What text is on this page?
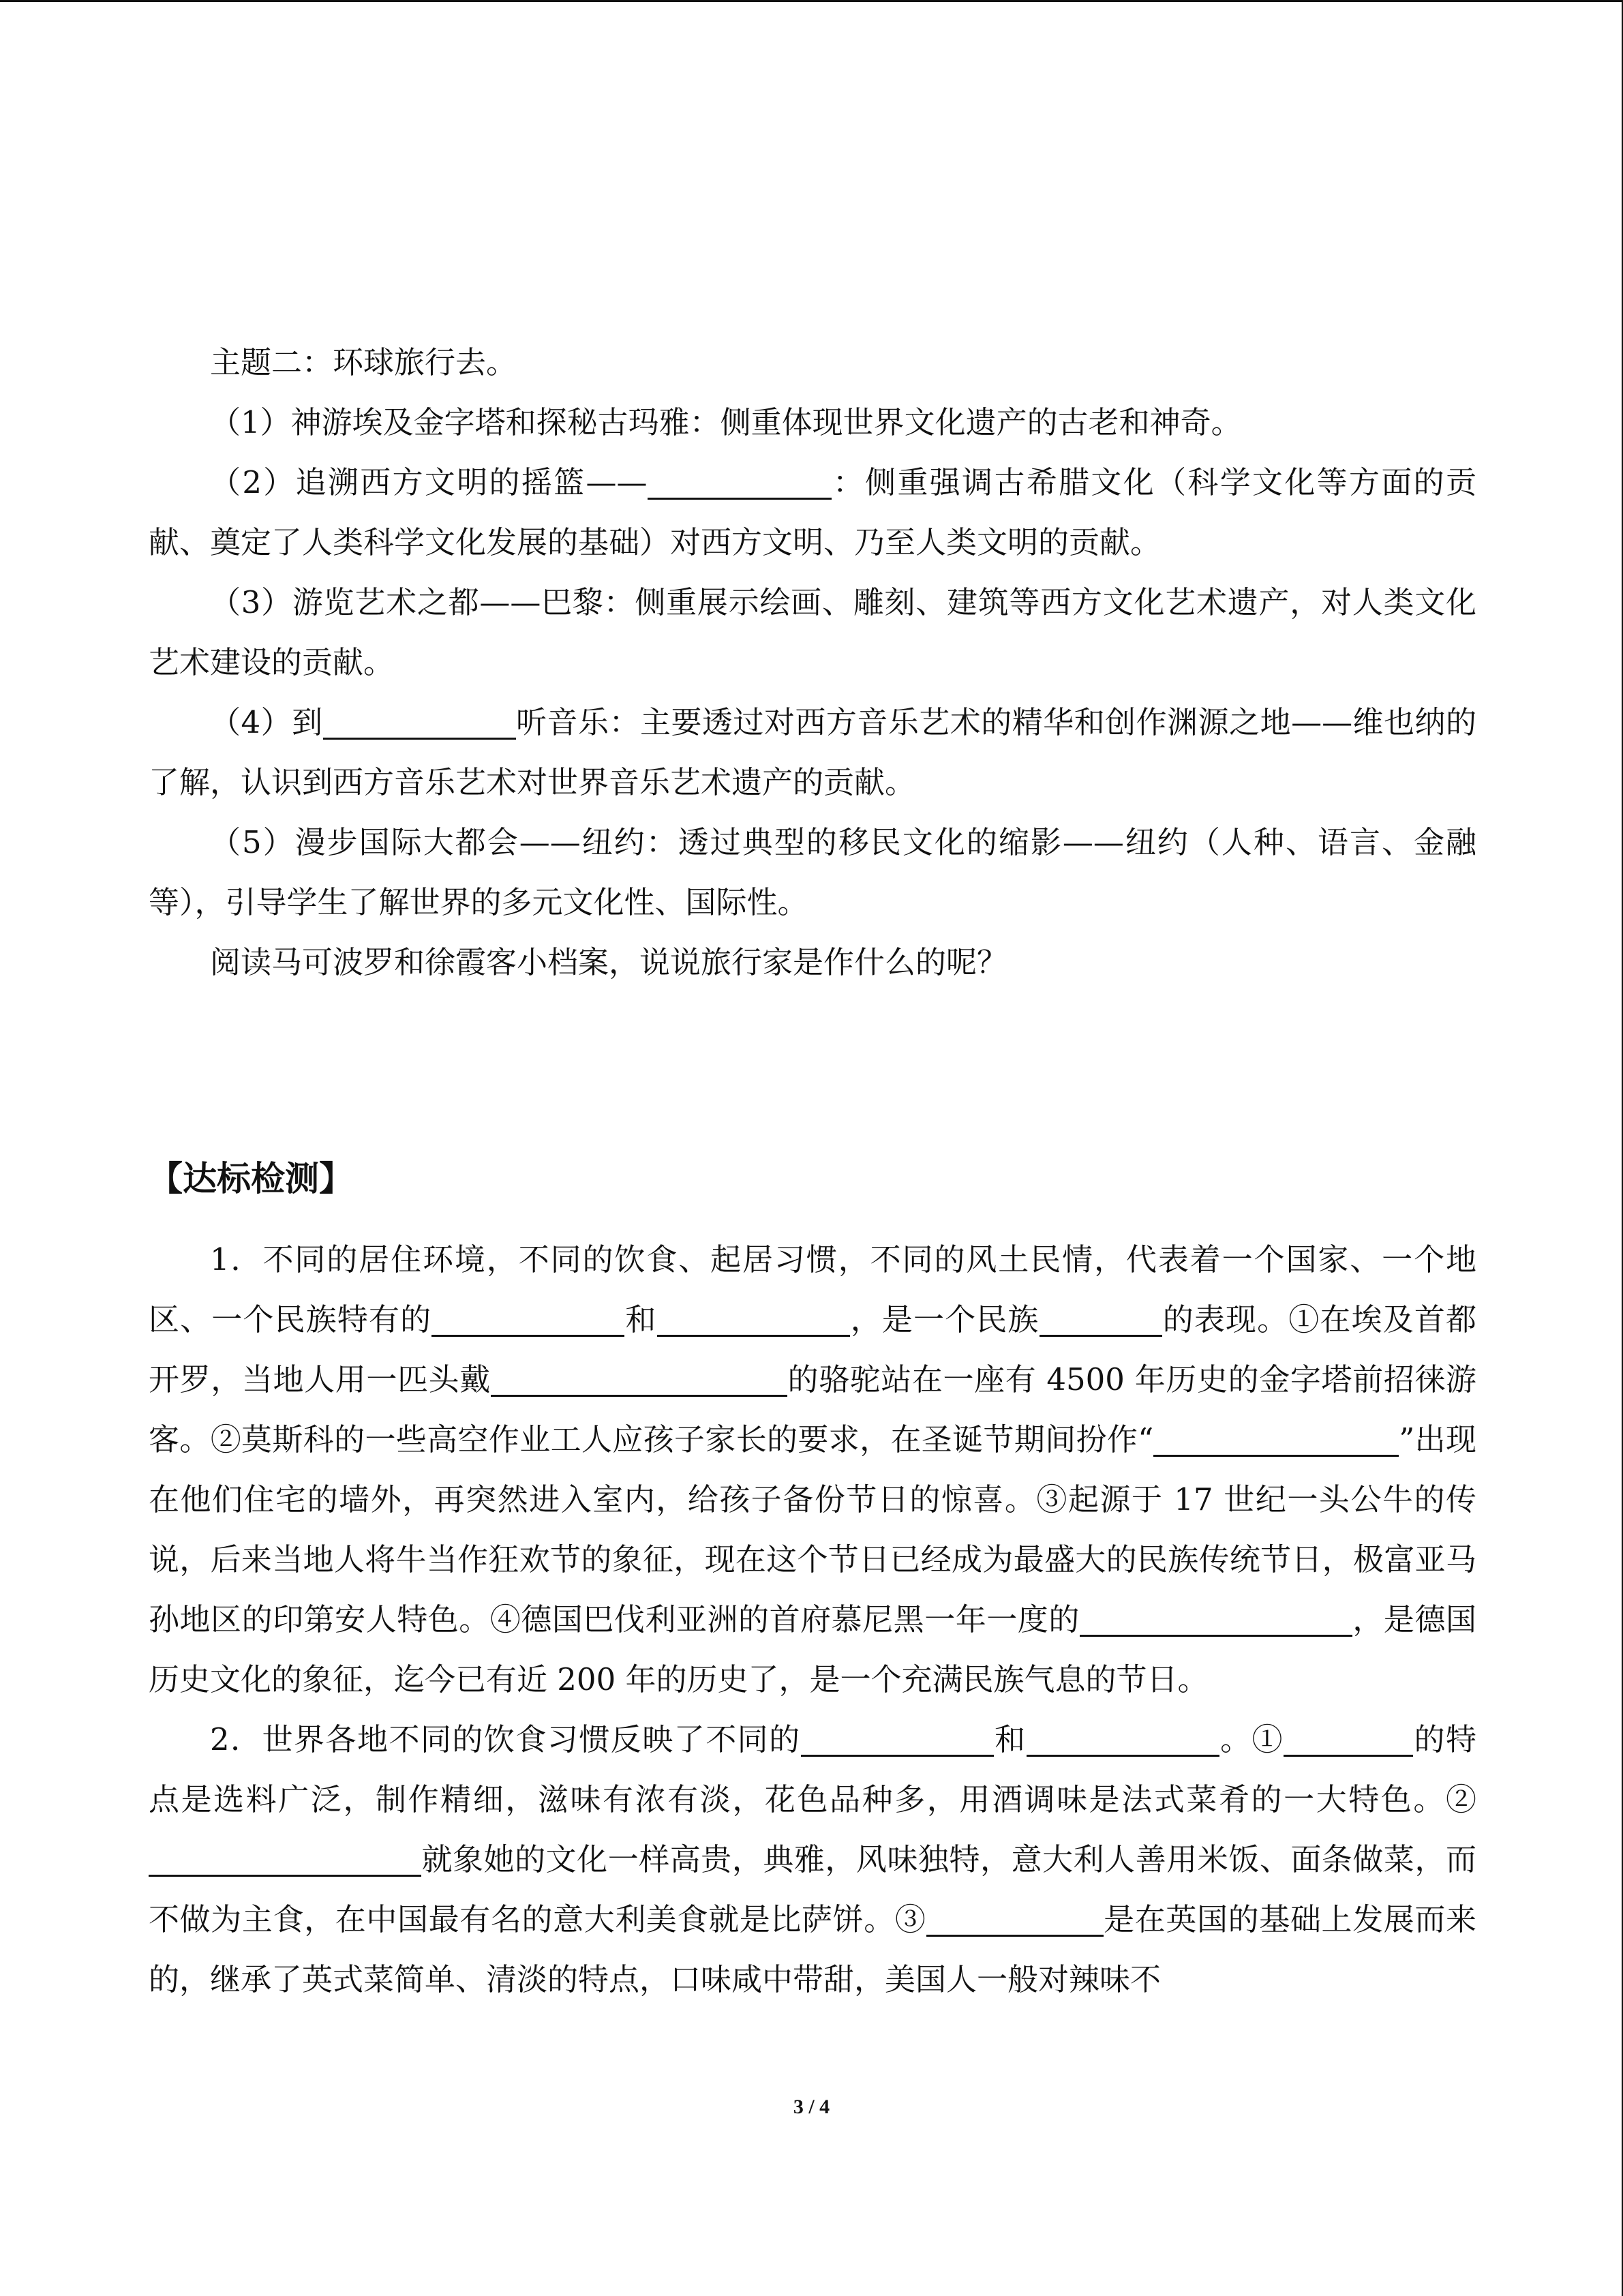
主题二：环球旅行去。

（1）神游埃及金字塔和探秘古玛雅：侧重体现世界文化遗产的古老和神奇。

（2）追溯西方文明的摇篮——	：侧重强调古希腊文化（科学文化等方面的贡献、奠定了人类科学文化发展的基础）对西方文明、乃至人类文明的贡献。

（3）游览艺术之都——巴黎：侧重展示绘画、雕刻、建筑等西方文化艺术遗产，对人类文化艺术建设的贡献。

（4）到	听音乐：主要透过对西方音乐艺术的精华和创作渊源之地——维也纳的了解，认识到西方音乐艺术对世界音乐艺术遗产的贡献。

（5）漫步国际大都会——纽约：透过典型的移民文化的缩影——纽约（人种、语言、金融等），引导学生了解世界的多元文化性、国际性。

阅读马可波罗和徐霞客小档案，说说旅行家是作什么的呢？

【达标检测】

1．不同的居住环境，不同的饮食、起居习惯，不同的风土民情，代表着一个国家、一个地区、一个民族特有的	和	，是一个民族	的表现。①在埃及首都开罗，当地人用一匹头戴	的骆驼站在一座有 4500 年历史的金字塔前招徕游客。②莫斯科的一些高空作业工人应孩子家长的要求，在圣诞节期间扮作“	”出现在他们住宅的墙外，再突然进入室内，给孩子备份节日的惊喜。③起源于 17 世纪一头公牛的传说，后来当地人将牛当作狂欢节的象征，现在这个节日已经成为最盛大的民族传统节日，极富亚马孙地区的印第安人特色。④德国巴伐利亚洲的首府慕尼黑一年一度的	，是德国历史文化的象征，迄今已有近 200 年的历史了，是一个充满民族气息的节日。

2．世界各地不同的饮食习惯反映了不同的	和	。①	的特点是选料广泛，制作精细，滋味有浓有淡，花色品种多，用酒调味是法式菜肴的一大特色。②就象她的文化一样高贵，典雅，风味独特，意大利人善用米饭、面条做菜，而不做为主食，在中国最有名的意大利美食就是比萨饼。③	是在英国的基础上发展而来的，继承了英式菜简单、清淡的特点，口味咸中带甜，美国人一般对辣味不

3 / 4
